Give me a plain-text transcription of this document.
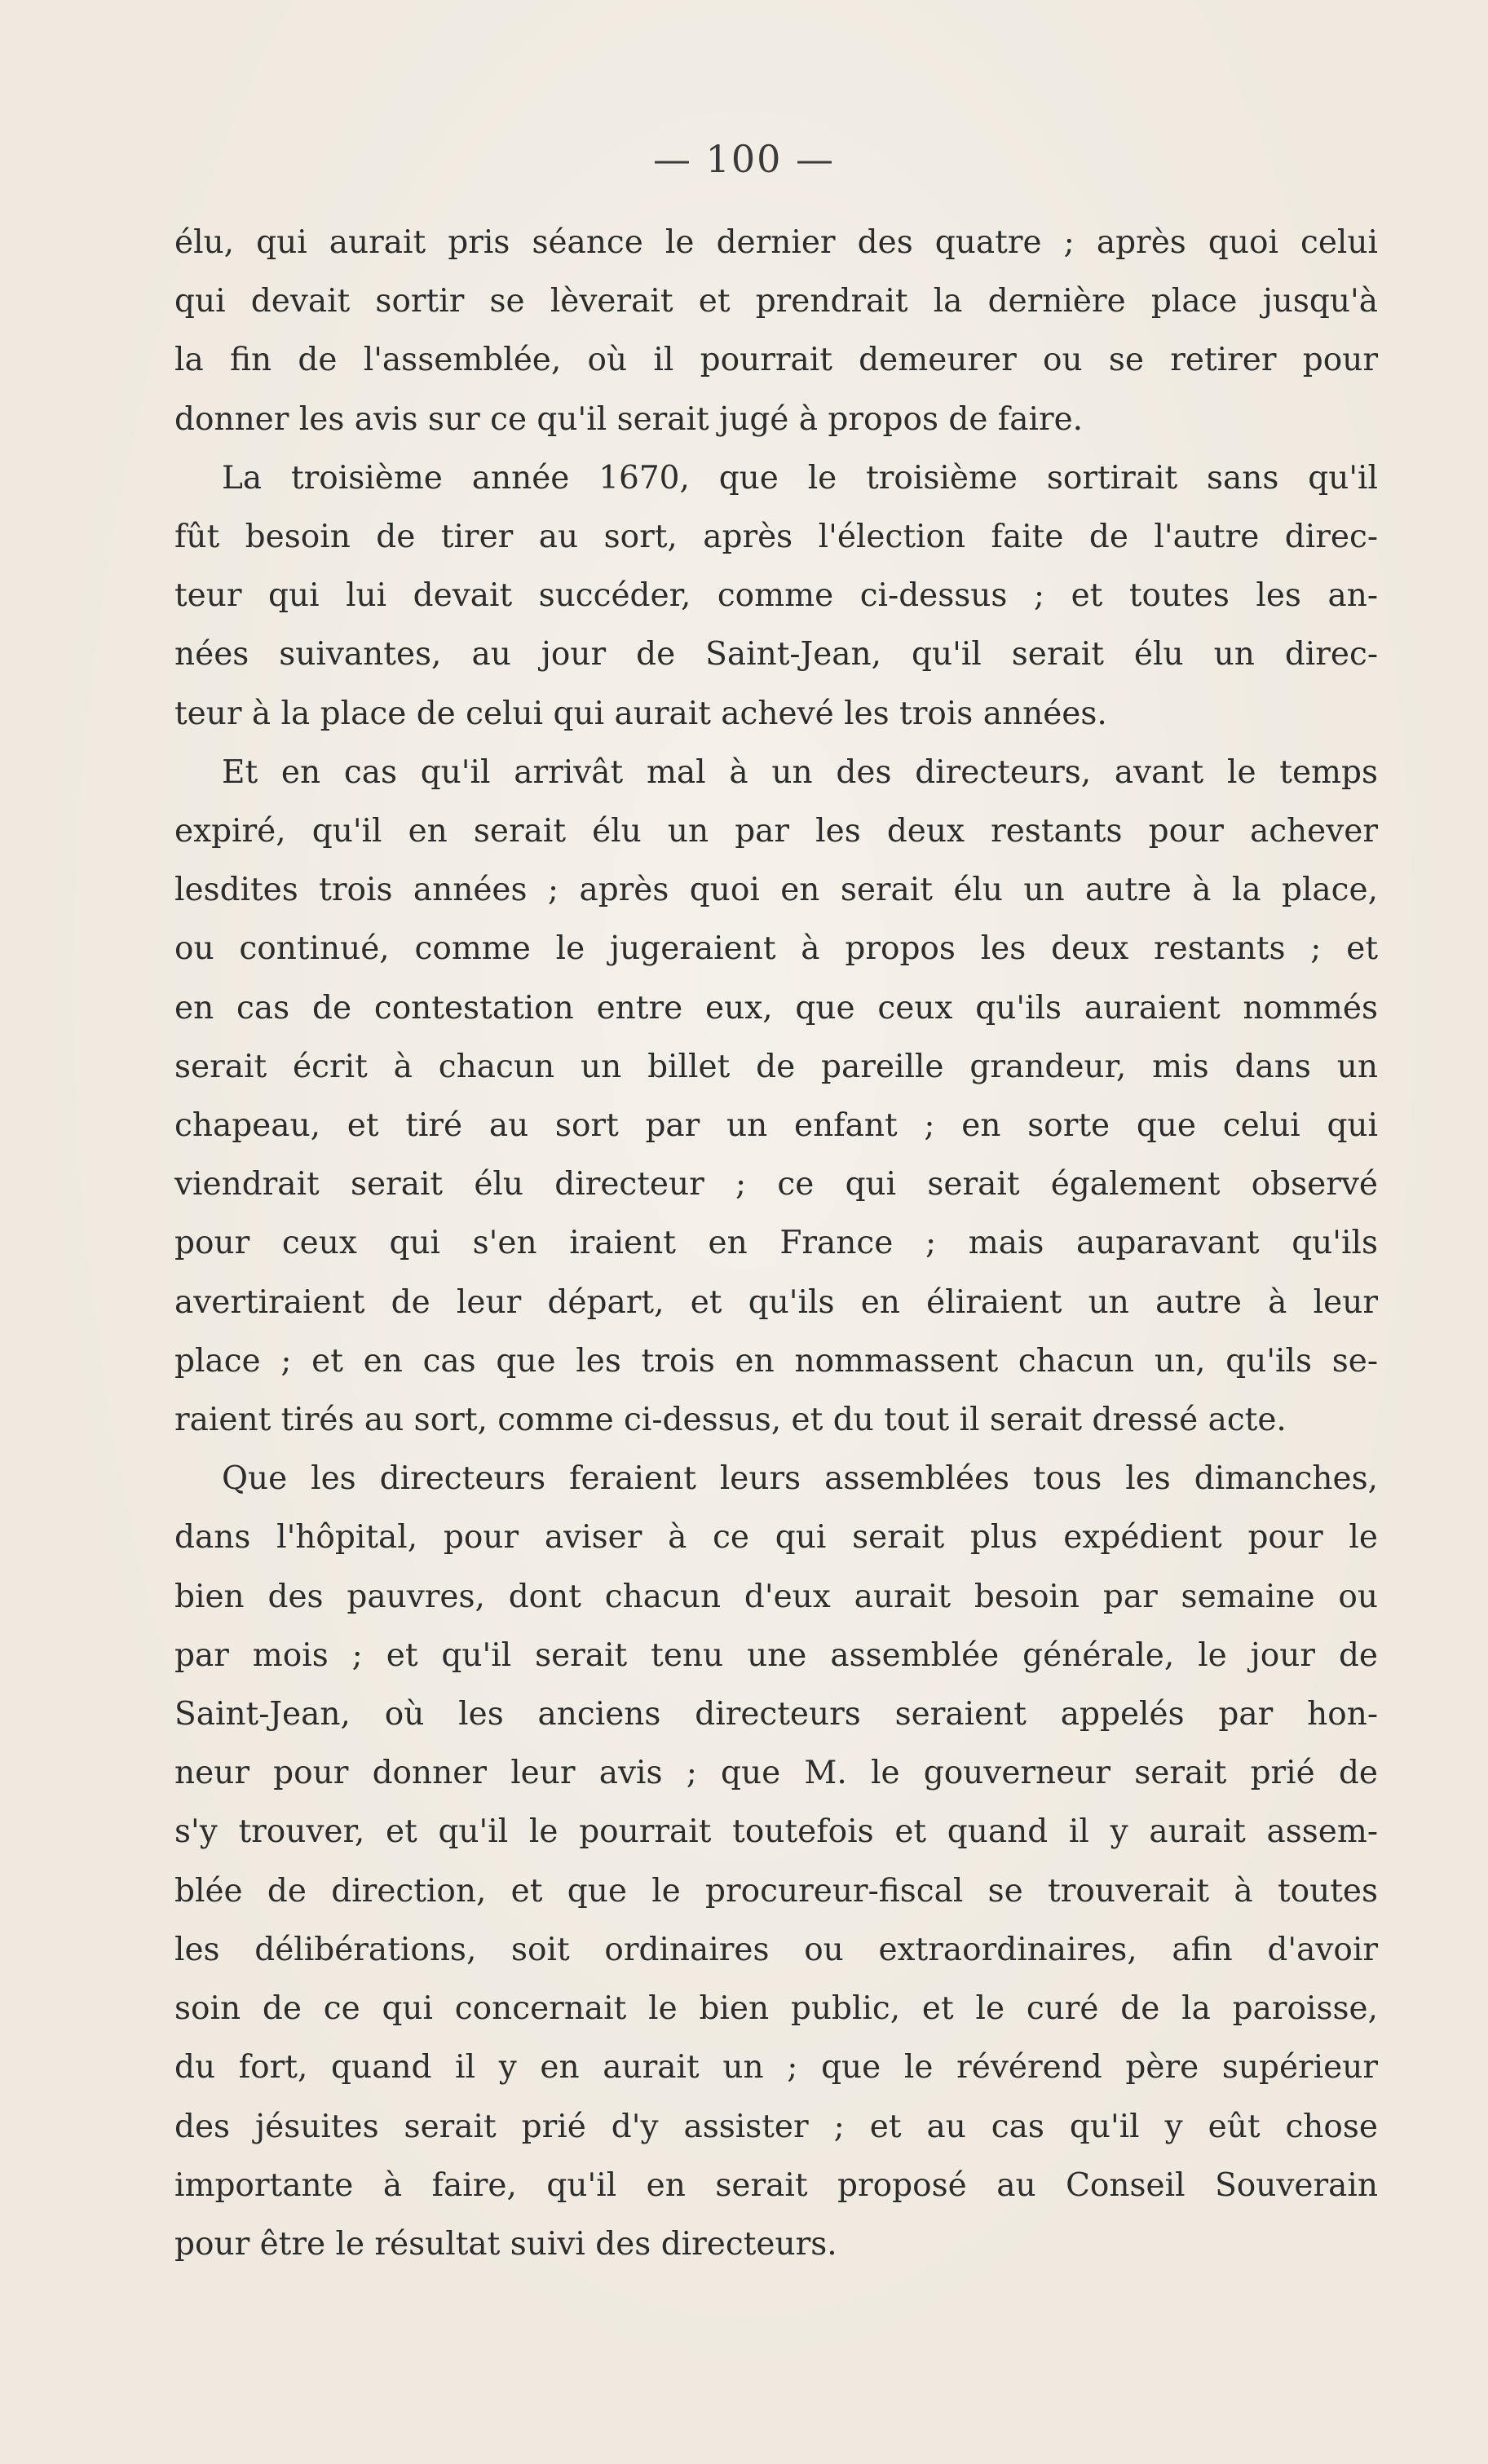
— 100 —
élu, qui aurait pris séance le dernier des quatre ; après quoi celui
qui devait sortir se lèverait et prendrait la dernière place jusqu'à
la fin de l'assemblée, où il pourrait demeurer ou se retirer pour
donner les avis sur ce qu'il serait jugé à propos de faire.
La troisième année 1670, que le troisième sortirait sans qu'il
fût besoin de tirer au sort, après l'élection faite de l'autre direc-
teur qui lui devait succéder, comme ci-dessus ; et toutes les an-
nées suivantes, au jour de Saint-Jean, qu'il serait élu un direc-
teur à la place de celui qui aurait achevé les trois années.
Et en cas qu'il arrivât mal à un des directeurs, avant le temps
expiré, qu'il en serait élu un par les deux restants pour achever
lesdites trois années ; après quoi en serait élu un autre à la place,
ou continué, comme le jugeraient à propos les deux restants ; et
en cas de contestation entre eux, que ceux qu'ils auraient nommés
serait écrit à chacun un billet de pareille grandeur, mis dans un
chapeau, et tiré au sort par un enfant ; en sorte que celui qui
viendrait serait élu directeur ; ce qui serait également observé
pour ceux qui s'en iraient en France ; mais auparavant qu'ils
avertiraient de leur départ, et qu'ils en éliraient un autre à leur
place ; et en cas que les trois en nommassent chacun un, qu'ils se-
raient tirés au sort, comme ci-dessus, et du tout il serait dressé acte.
Que les directeurs feraient leurs assemblées tous les dimanches,
dans l'hôpital, pour aviser à ce qui serait plus expédient pour le
bien des pauvres, dont chacun d'eux aurait besoin par semaine ou
par mois ; et qu'il serait tenu une assemblée générale, le jour de
Saint-Jean, où les anciens directeurs seraient appelés par hon-
neur pour donner leur avis ; que M. le gouverneur serait prié de
s'y trouver, et qu'il le pourrait toutefois et quand il y aurait assem-
blée de direction, et que le procureur-fiscal se trouverait à toutes
les délibérations, soit ordinaires ou extraordinaires, afin d'avoir
soin de ce qui concernait le bien public, et le curé de la paroisse,
du fort, quand il y en aurait un ; que le révérend père supérieur
des jésuites serait prié d'y assister ; et au cas qu'il y eût chose
importante à faire, qu'il en serait proposé au Conseil Souverain
pour être le résultat suivi des directeurs.
